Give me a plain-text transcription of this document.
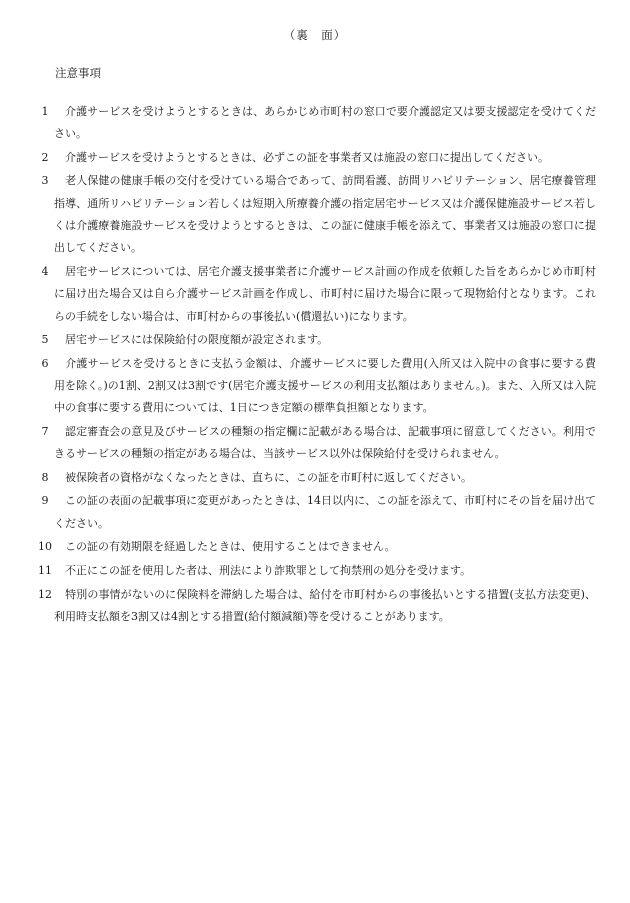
（裏　面）
注意事項
1 　介護サービスを受けようとするときは、あらかじめ市町村の窓口で要介護認定又は要支援認定を受けてください。
2 　介護サービスを受けようとするときは、必ずこの証を事業者又は施設の窓口に提出してください。
3 　老人保健の健康手帳の交付を受けている場合であって、訪問看護、訪問リハビリテーション、居宅療養管理指導、通所リハビリテーション若しくは短期入所療養介護の指定居宅サービス又は介護保健施設サービス若しくは介護療養施設サービスを受けようとするときは、この証に健康手帳を添えて、事業者又は施設の窓口に提出してください。
4 　居宅サービスについては、居宅介護支援事業者に介護サービス計画の作成を依頼した旨をあらかじめ市町村に届け出た場合又は自ら介護サービス計画を作成し、市町村に届けた場合に限って現物給付となります。これらの手続をしない場合は、市町村からの事後払い(償還払い)になります。
5 　居宅サービスには保険給付の限度額が設定されます。
6 　介護サービスを受けるときに支払う金額は、介護サービスに要した費用(入所又は入院中の食事に要する費用を除く。)の1割、2割又は3割です(居宅介護支援サービスの利用支払額はありません。)。また、入所又は入院中の食事に要する費用については、1日につき定額の標準負担額となります。
7 　認定審査会の意見及びサービスの種類の指定欄に記載がある場合は、記載事項に留意してください。利用できるサービスの種類の指定がある場合は、当該サービス以外は保険給付を受けられません。
8 　被保険者の資格がなくなったときは、直ちに、この証を市町村に返してください。
9 　この証の表面の記載事項に変更があったときは、14日以内に、この証を添えて、市町村にその旨を届け出てください。
10 　この証の有効期限を経過したときは、使用することはできません。
11 　不正にこの証を使用した者は、刑法により詐欺罪として拘禁刑の処分を受けます。
12 　特別の事情がないのに保険料を滞納した場合は、給付を市町村からの事後払いとする措置(支払方法変更)、利用時支払額を3割又は4割とする措置(給付額減額)等を受けることがあります。
